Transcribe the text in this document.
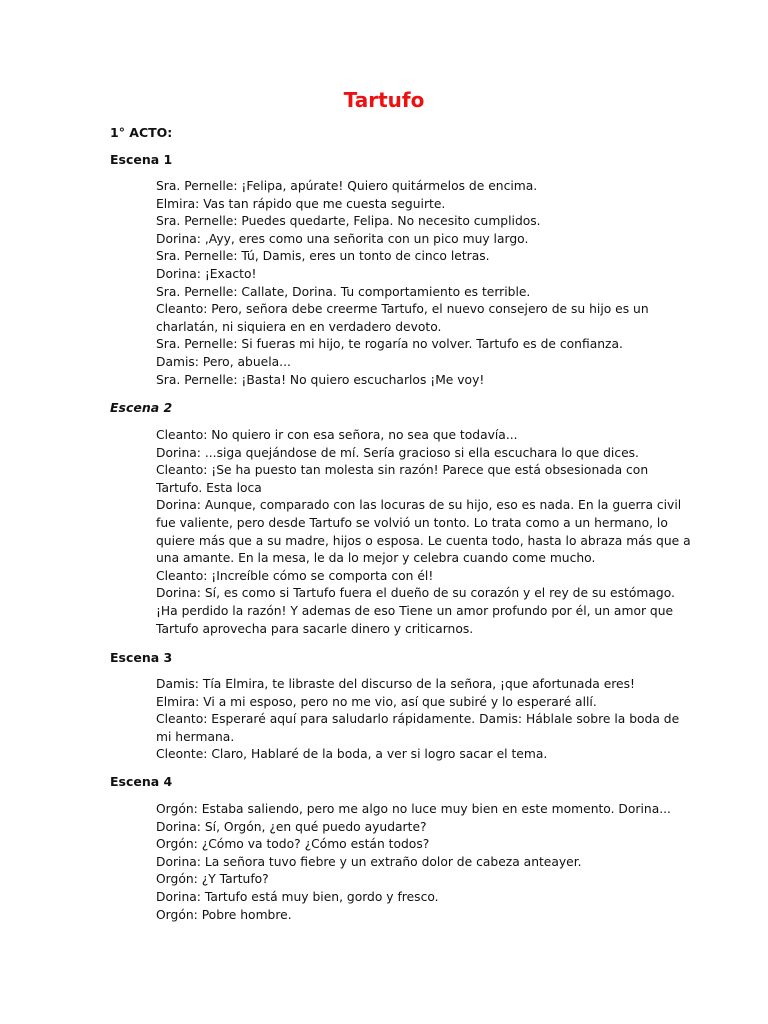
Tartufo
1° ACTO:
Escena 1
Sra. Pernelle: ¡Felipa, apúrate! Quiero quitármelos de encima.
Elmira: Vas tan rápido que me cuesta seguirte.
Sra. Pernelle: Puedes quedarte, Felipa. No necesito cumplidos.
Dorina: ,Ayy, eres como una señorita con un pico muy largo.
Sra. Pernelle: Tú, Damis, eres un tonto de cinco letras.
Dorina: ¡Exacto!
Sra. Pernelle: Callate, Dorina. Tu comportamiento es terrible.
Cleanto: Pero, señora debe creerme Tartufo, el nuevo consejero de su hijo es un
charlatán, ni siquiera en en verdadero devoto.
Sra. Pernelle: Si fueras mi hijo, te rogaría no volver. Tartufo es de confianza.
Damis: Pero, abuela...
Sra. Pernelle: ¡Basta! No quiero escucharlos ¡Me voy!
Escena 2
Cleanto: No quiero ir con esa señora, no sea que todavía...
Dorina: ...siga quejándose de mí. Sería gracioso si ella escuchara lo que dices.
Cleanto: ¡Se ha puesto tan molesta sin razón! Parece que está obsesionada con
Tartufo. Esta loca
Dorina: Aunque, comparado con las locuras de su hijo, eso es nada. En la guerra civil
fue valiente, pero desde Tartufo se volvió un tonto. Lo trata como a un hermano, lo
quiere más que a su madre, hijos o esposa. Le cuenta todo, hasta lo abraza más que a
una amante. En la mesa, le da lo mejor y celebra cuando come mucho.
Cleanto: ¡Increíble cómo se comporta con él!
Dorina: Sí, es como si Tartufo fuera el dueño de su corazón y el rey de su estómago.
¡Ha perdido la razón! Y ademas de eso Tiene un amor profundo por él, un amor que
Tartufo aprovecha para sacarle dinero y criticarnos.
Escena 3
Damis: Tía Elmira, te libraste del discurso de la señora, ¡que afortunada eres!
Elmira: Vi a mi esposo, pero no me vio, así que subiré y lo esperaré allí.
Cleanto: Esperaré aquí para saludarlo rápidamente. Damis: Háblale sobre la boda de
mi hermana.
Cleonte: Claro, Hablaré de la boda, a ver si logro sacar el tema.
Escena 4
Orgón: Estaba saliendo, pero me algo no luce muy bien en este momento. Dorina...
Dorina: Sí, Orgón, ¿en qué puedo ayudarte?
Orgón: ¿Cómo va todo? ¿Cómo están todos?
Dorina: La señora tuvo fiebre y un extraño dolor de cabeza anteayer.
Orgón: ¿Y Tartufo?
Dorina: Tartufo está muy bien, gordo y fresco.
Orgón: Pobre hombre.
